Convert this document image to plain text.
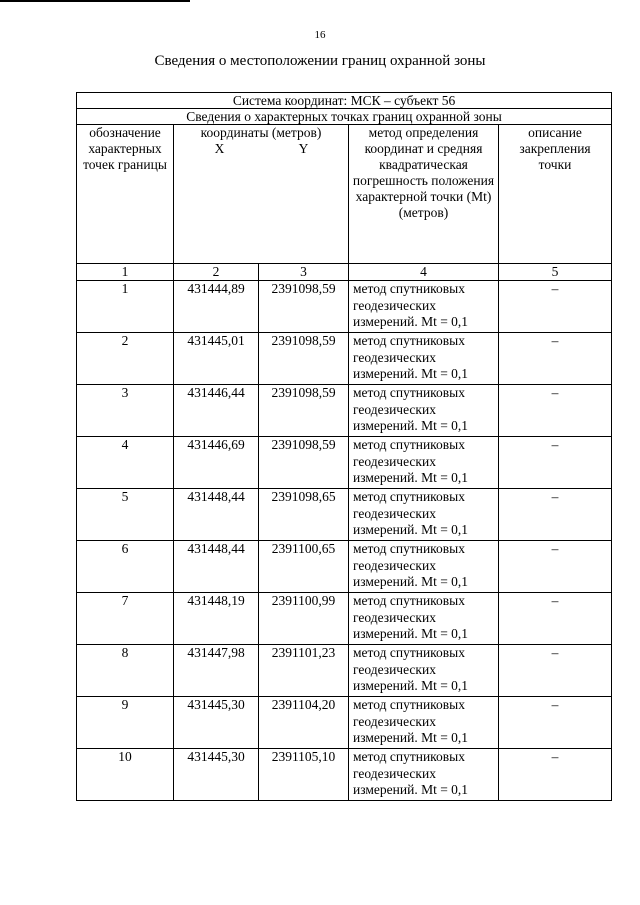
16
Сведения о местоположении границ охранной зоны
Система координат: МСК – субъект 56				
Сведения о характерных точках границ охранной зоны				
обозначение характерных точек границы	координаты (метров)
X Y		метод определения координат и средняя квадратическая погрешность положения характерной точки (Mt) (метров)	описание закрепления точки
1	2	3	4	5
1	431444,89	2391098,59	метод спутниковых геодезических измерений. Mt = 0,1	–
2	431445,01	2391098,59	метод спутниковых геодезических измерений. Mt = 0,1	–
3	431446,44	2391098,59	метод спутниковых геодезических измерений. Mt = 0,1	–
4	431446,69	2391098,59	метод спутниковых геодезических измерений. Mt = 0,1	–
5	431448,44	2391098,65	метод спутниковых геодезических измерений. Mt = 0,1	–
6	431448,44	2391100,65	метод спутниковых геодезических измерений. Mt = 0,1	–
7	431448,19	2391100,99	метод спутниковых геодезических измерений. Mt = 0,1	–
8	431447,98	2391101,23	метод спутниковых геодезических измерений. Mt = 0,1	–
9	431445,30	2391104,20	метод спутниковых геодезических измерений. Mt = 0,1	–
10	431445,30	2391105,10	метод спутниковых геодезических измерений. Mt = 0,1	–
